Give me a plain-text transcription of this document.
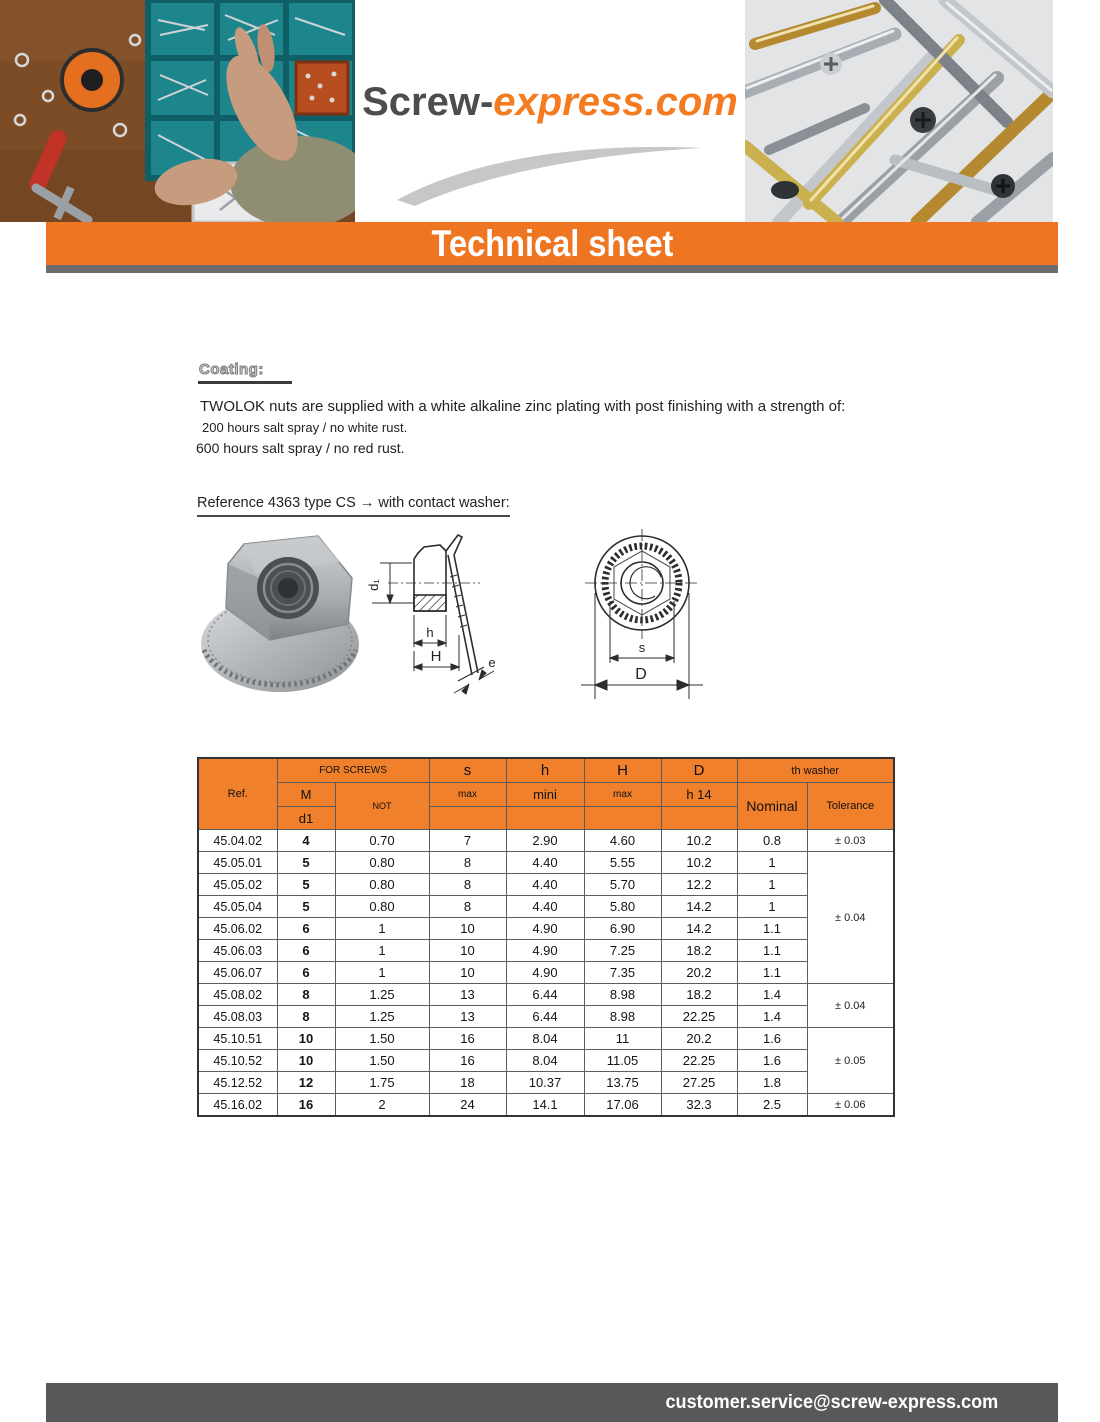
Screw-express.com
Technical sheet
Coating:
TWOLOK nuts are supplied with a white alkaline zinc plating with post finishing with a strength of:
200 hours salt spray / no white rust.
600 hours salt spray / no red rust.
Reference 4363 type CS → with contact washer:
d₁
h
H	e
s
D
Ref.	FOR SCREWS		s	h	H	D	th washer	
	M	NOT	max	mini	max	h 14	Nominal	Tolerance
	d1							
45.04.02	4	0.70	7	2.90	4.60	10.2	0.8	± 0.03
45.05.01	5	0.80	8	4.40	5.55	10.2	1	± 0.04
45.05.02	5	0.80	8	4.40	5.70	12.2	1	
45.05.04	5	0.80	8	4.40	5.80	14.2	1	
45.06.02	6	1	10	4.90	6.90	14.2	1.1	
45.06.03	6	1	10	4.90	7.25	18.2	1.1	
45.06.07	6	1	10	4.90	7.35	20.2	1.1	
45.08.02	8	1.25	13	6.44	8.98	18.2	1.4	± 0.04
45.08.03	8	1.25	13	6.44	8.98	22.25	1.4	
45.10.51	10	1.50	16	8.04	11	20.2	1.6	± 0.05
45.10.52	10	1.50	16	8.04	11.05	22.25	1.6	
45.12.52	12	1.75	18	10.37	13.75	27.25	1.8	
45.16.02	16	2	24	14.1	17.06	32.3	2.5	± 0.06
customer.service@screw-express.com
